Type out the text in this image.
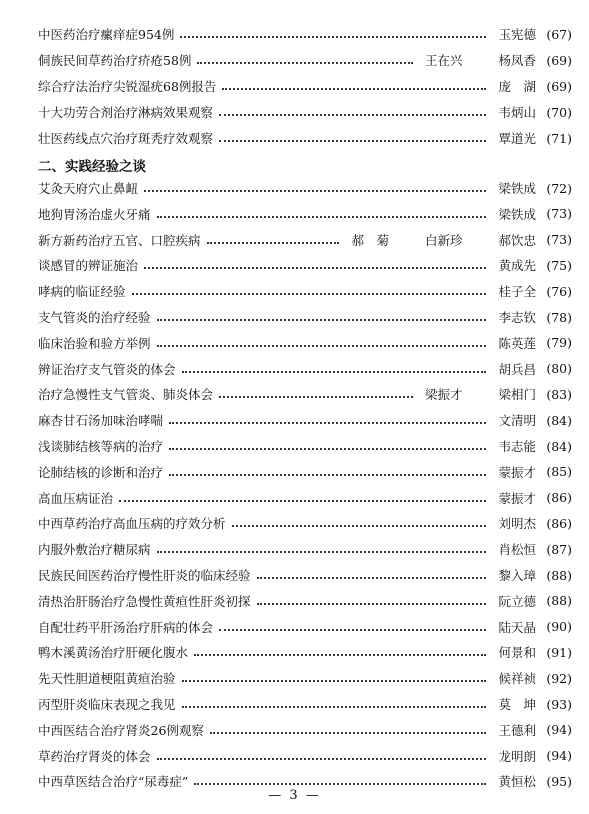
中医药治疗瘰痒症954例	玉宪德 (67)
侗族民间草药治疗疥疮58例	王在兴	杨凤香 (69)
综合疗法治疗尖锐湿疣68例报告	庞　湖 (69)
十大功劳合剂治疗淋病效果观察	韦炳山 (70)
壮医药线点穴治疗斑秃疗效观察	覃道光 (71)
二、实践经验之谈
艾灸天府穴止鼻衄	梁铁成 (72)
地狗胃汤治虚火牙痛	梁铁成 (73)
新方新药治疗五官、口腔疾病	郝　菊	白新珍	郝饮忠 (73)
谈感冒的辨证施治	黄成先 (75)
哮病的临证经验	桂子全 (76)
支气管炎的治疗经验	李志钦 (78)
临床治验和验方举例	陈英莲 (79)
辨证治疗支气管炎的体会	胡兵昌 (80)
治疗急慢性支气管炎、肺炎体会	梁振才	梁相门 (83)
麻杏甘石汤加味治哮喘	文清明 (84)
浅谈肺结核等病的治疗	韦志能 (84)
论肺结核的诊断和治疗	蒙振才 (85)
高血压病证治	蒙振才 (86)
中西草药治疗高血压病的疗效分析	刘明杰 (86)
内服外敷治疗糖尿病	肖松恒 (87)
民族民间医药治疗慢性肝炎的临床经验	黎入璋 (88)
清热治肝肠治疗急慢性黄疸性肝炎初探	阮立德 (88)
自配壮药平肝汤治疗肝病的体会	陆天晶 (90)
鸭木溪黄汤治疗肝硬化腹水	何景和 (91)
先天性胆道梗阻黄疸治验	候祥祯 (92)
丙型肝炎临床表现之我见	莫　坤 (93)
中西医结合治疗肾炎26例观察	王德利 (94)
草药治疗肾炎的体会	龙明朗 (94)
中西草医结合治疗“尿毒症”	黄恒松 (95)
— 3 —
